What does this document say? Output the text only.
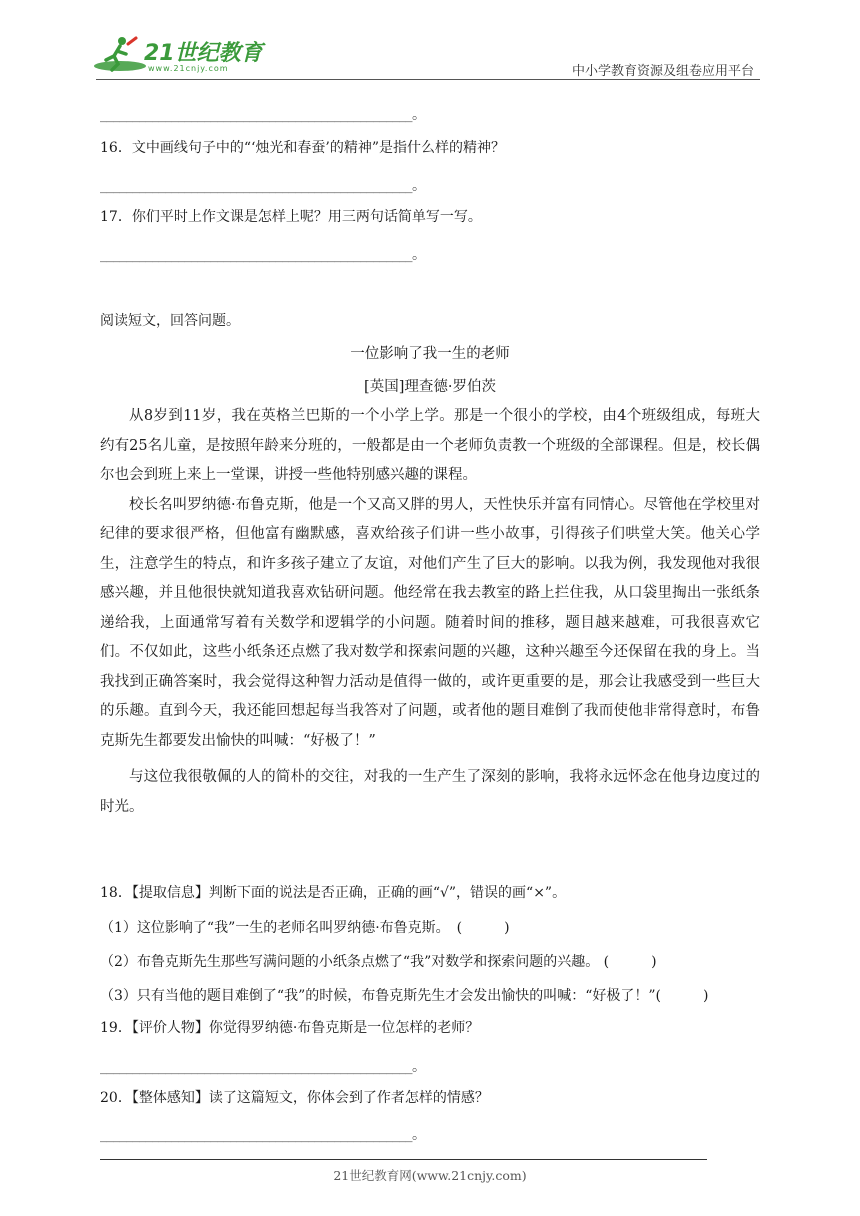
21世纪教育
www.21cnjy.com	中小学教育资源及组卷应用平台
________________________________________________。
16．文中画线句子中的“‘烛光和春蚕’的精神”是指什么样的精神？
________________________________________________。
17．你们平时上作文课是怎样上呢？用三两句话简单写一写。
________________________________________________。
阅读短文，回答问题。
一位影响了我一生的老师
[英国]理查德·罗伯茨

从8岁到11岁，我在英格兰巴斯的一个小学上学。那是一个很小的学校，由4个班级组成，每班大约有25名儿童，是按照年龄来分班的，一般都是由一个老师负责教一个班级的全部课程。但是，校长偶尔也会到班上来上一堂课，讲授一些他特别感兴趣的课程。

校长名叫罗纳德·布鲁克斯，他是一个又高又胖的男人，天性快乐并富有同情心。尽管他在学校里对纪律的要求很严格，但他富有幽默感，喜欢给孩子们讲一些小故事，引得孩子们哄堂大笑。他关心学生，注意学生的特点，和许多孩子建立了友谊，对他们产生了巨大的影响。以我为例，我发现他对我很感兴趣，并且他很快就知道我喜欢钻研问题。他经常在我去教室的路上拦住我，从口袋里掏出一张纸条递给我，上面通常写着有关数学和逻辑学的小问题。随着时间的推移，题目越来越难，可我很喜欢它们。不仅如此，这些小纸条还点燃了我对数学和探索问题的兴趣，这种兴趣至今还保留在我的身上。当我找到正确答案时，我会觉得这种智力活动是值得一做的，或许更重要的是，那会让我感受到一些巨大的乐趣。直到今天，我还能回想起每当我答对了问题，或者他的题目难倒了我而使他非常得意时，布鲁克斯先生都要发出愉快的叫喊：“好极了！”

与这位我很敬佩的人的简朴的交往，对我的一生产生了深刻的影响，我将永远怀念在他身边度过的时光。

18．【提取信息】判断下面的说法是否正确，正确的画“√”，错误的画“×”。
（1）这位影响了“我”一生的老师名叫罗纳德·布鲁克斯。　(　　　)
（2）布鲁克斯先生那些写满问题的小纸条点燃了“我”对数学和探索问题的兴趣。 (　　　)
（3）只有当他的题目难倒了“我”的时候，布鲁克斯先生才会发出愉快的叫喊：“好极了！”(　　　)
19．【评价人物】你觉得罗纳德·布鲁克斯是一位怎样的老师？
________________________________________________。
20．【整体感知】读了这篇短文，你体会到了作者怎样的情感？
________________________________________________。
21世纪教育网(www.21cnjy.com)
